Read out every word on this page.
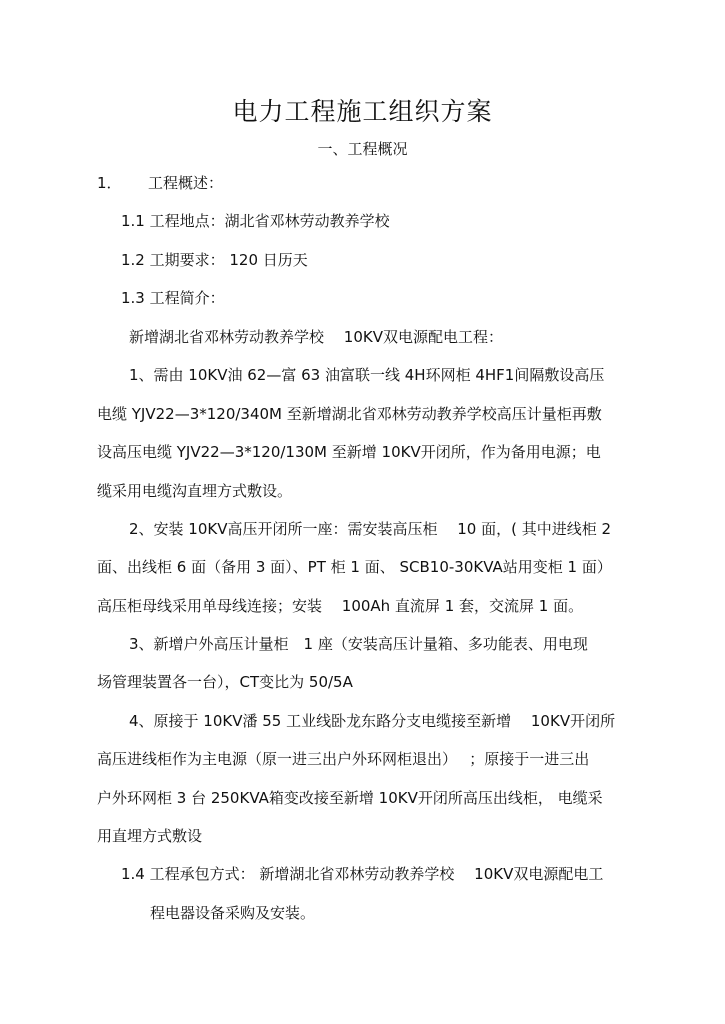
电力工程施工组织方案
一、工程概况
1． 工程概述：
1.1 工程地点：湖北省邓林劳动教养学校
1.2 工期要求： 120 日历天
1.3 工程简介：
新增湖北省邓林劳动教养学校　 10KV双电源配电工程：
1、需由 10KV油 62—富 63 油富联一线 4H环网柜 4HF1间隔敷设高压
电缆 YJV22—3*120/340M 至新增湖北省邓林劳动教养学校高压计量柜再敷
设高压电缆 YJV22—3*120/130M 至新增 10KV开闭所，作为备用电源；电
缆采用电缆沟直埋方式敷设。
2、安装 10KV高压开闭所一座：需安装高压柜　 10 面，( 其中进线柜 2
面、出线柜 6 面（备用 3 面）、PT 柜 1 面、 SCB10-30KVA站用变柜 1 面）
高压柜母线采用单母线连接；安装　 100Ah 直流屏 1 套，交流屏 1 面。
3、新增户外高压计量柜　1 座（安装高压计量箱、多功能表、用电现
场管理装置各一台），CT变比为 50/5A
4、原接于 10KV潘 55 工业线卧龙东路分支电缆接至新增　 10KV开闭所
高压进线柜作为主电源（原一进三出户外环网柜退出）　 ；原接于一进三出
户外环网柜 3 台 250KVA箱变改接至新增 10KV开闭所高压出线柜， 电缆采
用直埋方式敷设
1.4 工程承包方式： 新增湖北省邓林劳动教养学校　 10KV双电源配电工
程电器设备采购及安装。
